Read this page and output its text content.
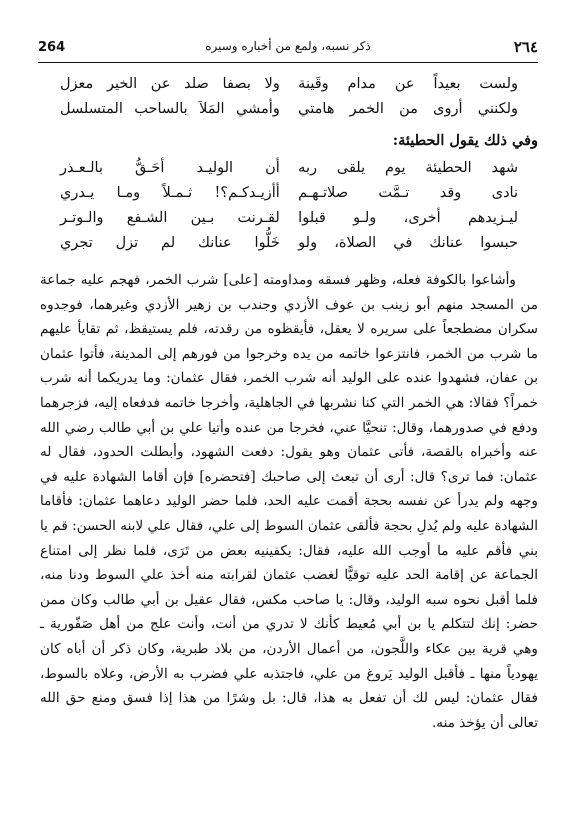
264	ذكر نسبه، ولمع من أخباره وسيره	٢٦٤
ولست بعيداً عن مدام وقَينة
ولا بصفا صلد عن الخير معزل
ولكنني أروى من الخمر هامتي
وأمشي المَلاَ بالساحب المتسلسل
وفي ذلك يقول الحطيئة:
شهد الحطيئة يوم يلقى ربه
أن الوليـد أحَـقُّ بالـعـذر
نادى وقد تـمَّت صلاتـهـم
أأزيـدكـم؟! ثـمـلاً ومـا يـدري
ليـزيدهم أخرى، ولـو قبلوا
لقـرنت بـين الشـفع والـوتـر
حبسوا عنانك في الصلاة، ولو
خَلُّوا عنانك لم تزل تجري

وأشاعوا بالكوفة فعله، وظهر فسقه ومداومته [على] شرب الخمر، فهجم عليه جماعة من المسجد منهم أبو زينب بن عوف الأزدي وجندب بن زهير الأزدي وغيرهما، فوجدوه سكران مضطجعاً على سريره لا يعقل، فأيقظوه من رقدته، فلم يستيقظ، ثم تقايأ عليهم ما شرب من الخمر، فانتزعوا خاتمه من يده وخرجوا من فورهم إلى المدينة، فأتوا عثمان بن عفان، فشهدوا عنده على الوليد أنه شرب الخمر، فقال عثمان: وما يدريكما أنه شرب خمراً؟ فقالا: هي الخمر التي كنا نشربها في الجاهلية، وأخرجا خاتمه فدفعاه إليه، فزجرهما ودفع في صدورهما، وقال: تنحيَّا عني، فخرجا من عنده وأتيا علي بن أبي طالب رضي الله عنه وأخبراه بالقصة، فأتى عثمان وهو يقول: دفعت الشهود، وأبطلت الحدود، فقال له عثمان: فما ترى؟ قال: أرى أن تبعث إلى صاحبك [فتحضره] فإن أقاما الشهادة عليه في وجهه ولم يدرأ عن نفسه بحجة أقمت عليه الحد، فلما حضر الوليد دعاهما عثمان: فأقاما الشهادة عليه ولم يُدلِ بحجة فألقى عثمان السوط إلى علي، فقال علي لابنه الحسن: قم يا بني فأقم عليه ما أوجب الله عليه، فقال: يكفينيه بعض من تَرَى، فلما نظر إلى امتناع الجماعة عن إقامة الحد عليه توقيًّا لغضب عثمان لقرابته منه أخذ علي السوط ودنا منه، فلما أقبل نحوه سبه الوليد، وقال: يا صاحب مكس، فقال عقيل بن أبي طالب وكان ممن حضر: إنك لتتكلم يا بن أبي مُعيط كأنك لا تدري من أنت، وأنت علج من أهل صَفّورية ـ وهي قرية بين عكاء واللَّجون، من أعمال الأردن، من بلاد طبرية، وكان ذكر أن أباه كان يهودياً منها ـ فأقبل الوليد يَروغ من علي، فاجتذبه علي فضرب به الأرض، وعلاه بالسوط، فقال عثمان: ليس لك أن تفعل به هذا، قال: بل وشرًا من هذا إذا فسق ومنع حق الله تعالى أن يؤخذ منه.
